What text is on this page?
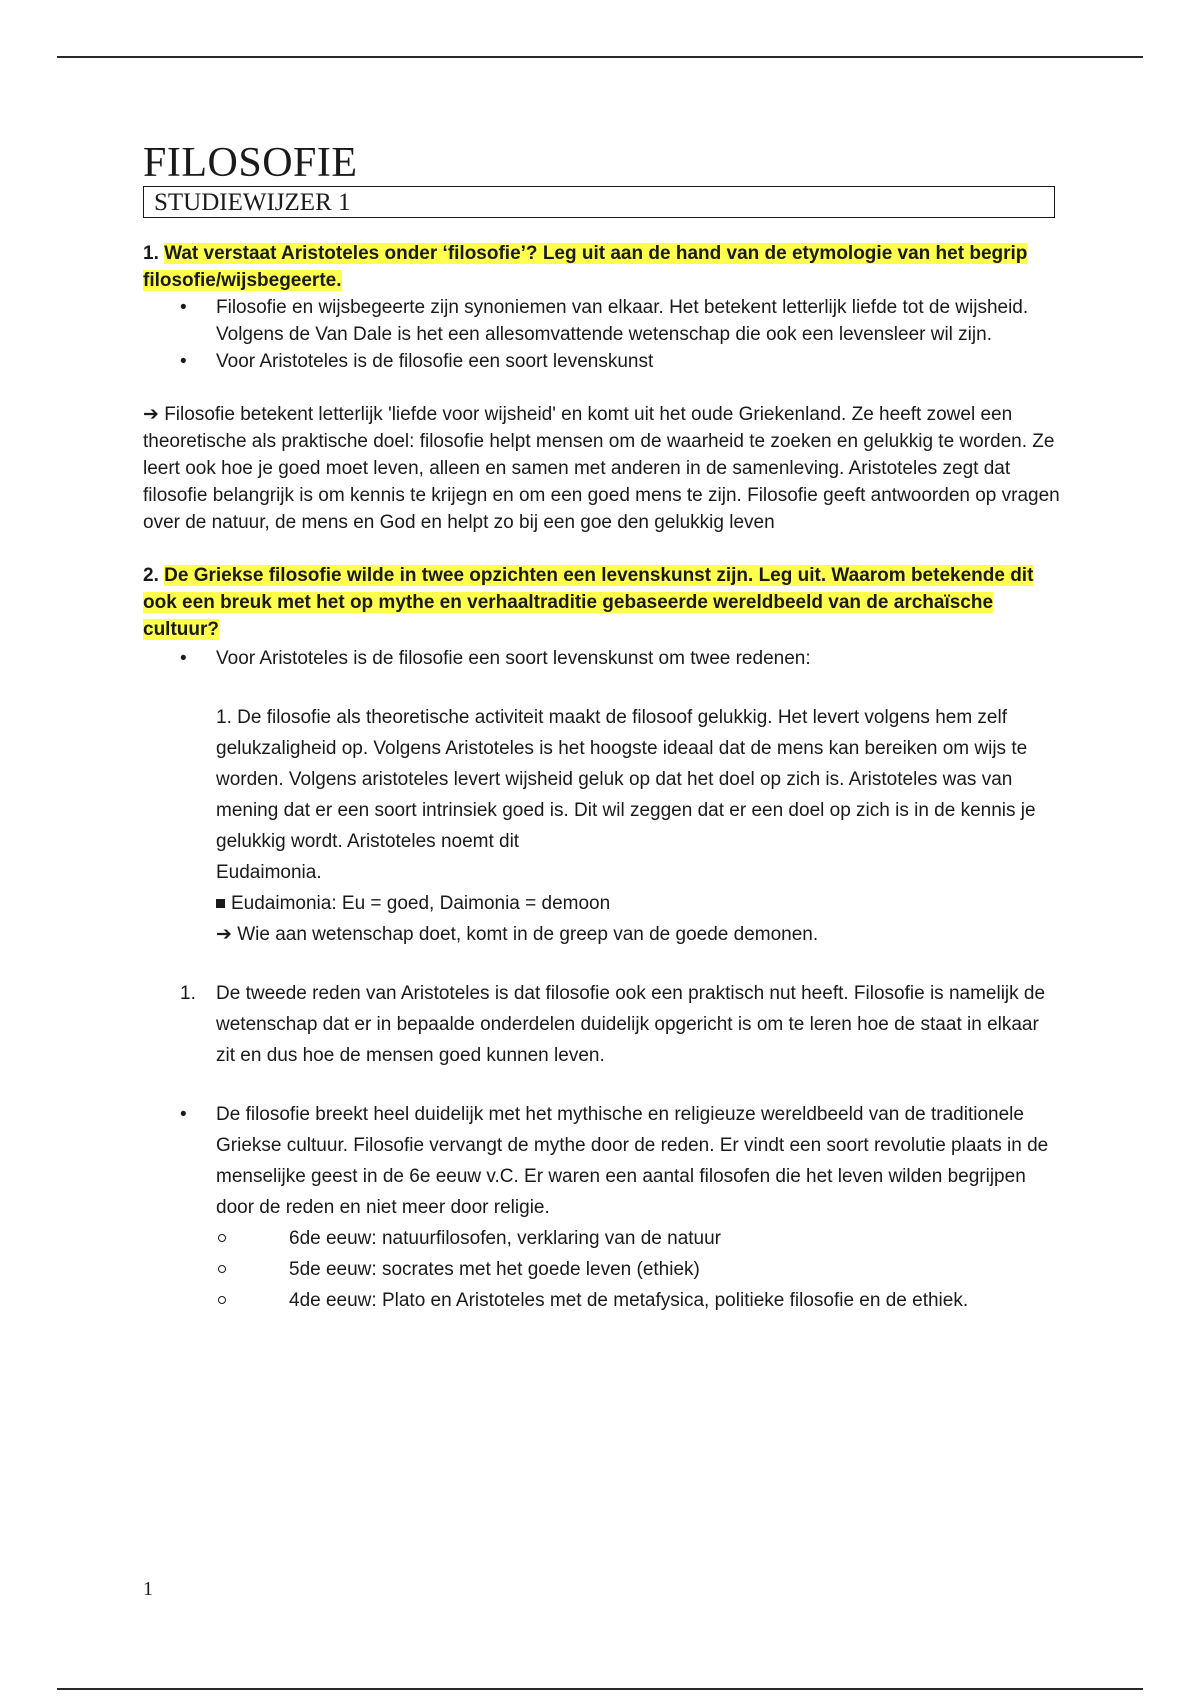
FILOSOFIE
STUDIEWIJZER 1
1. Wat verstaat Aristoteles onder ‘filosofie’? Leg uit aan de hand van de etymologie van het begrip
filosofie/wijsbegeerte.
• Filosofie en wijsbegeerte zijn synoniemen van elkaar. Het betekent letterlijk liefde tot de wijsheid. Volgens de Van Dale is het een allesomvattende wetenschap die ook een levensleer wil zijn.
• Voor Aristoteles is de filosofie een soort levenskunst
➔ Filosofie betekent letterlijk 'liefde voor wijsheid' en komt uit het oude Griekenland. Ze heeft zowel een theoretische als praktische doel: filosofie helpt mensen om de waarheid te zoeken en gelukkig te worden. Ze leert ook hoe je goed moet leven, alleen en samen met anderen in de samenleving. Aristoteles zegt dat filosofie belangrijk is om kennis te krijegn en om een goed mens te zijn. Filosofie geeft antwoorden op vragen over de natuur, de mens en God en helpt zo bij een goe den gelukkig leven
2. De Griekse filosofie wilde in twee opzichten een levenskunst zijn. Leg uit. Waarom betekende dit
ook een breuk met het op mythe en verhaaltraditie gebaseerde wereldbeeld van de archaïsche
cultuur?
• Voor Aristoteles is de filosofie een soort levenskunst om twee redenen:
1. De filosofie als theoretische activiteit maakt de filosoof gelukkig. Het levert volgens hem zelf gelukzaligheid op. Volgens Aristoteles is het hoogste ideaal dat de mens kan bereiken om wijs te worden. Volgens aristoteles levert wijsheid geluk op dat het doel op zich is. Aristoteles was van mening dat er een soort intrinsiek goed is. Dit wil zeggen dat er een doel op zich is in de kennis je gelukkig wordt. Aristoteles noemt dit
Eudaimonia.
Eudaimonia: Eu = goed, Daimonia = demoon
➔ Wie aan wetenschap doet, komt in de greep van de goede demonen.
1. De tweede reden van Aristoteles is dat filosofie ook een praktisch nut heeft. Filosofie is namelijk de wetenschap dat er in bepaalde onderdelen duidelijk opgericht is om te leren hoe de staat in elkaar zit en dus hoe de mensen goed kunnen leven.
• De filosofie breekt heel duidelijk met het mythische en religieuze wereldbeeld van de traditionele Griekse cultuur. Filosofie vervangt de mythe door de reden. Er vindt een soort revolutie plaats in de menselijke geest in de 6e eeuw v.C. Er waren een aantal filosofen die het leven wilden begrijpen door de reden en niet meer door religie.
6de eeuw: natuurfilosofen, verklaring van de natuur
5de eeuw: socrates met het goede leven (ethiek)
4de eeuw: Plato en Aristoteles met de metafysica, politieke filosofie en de ethiek.
1
